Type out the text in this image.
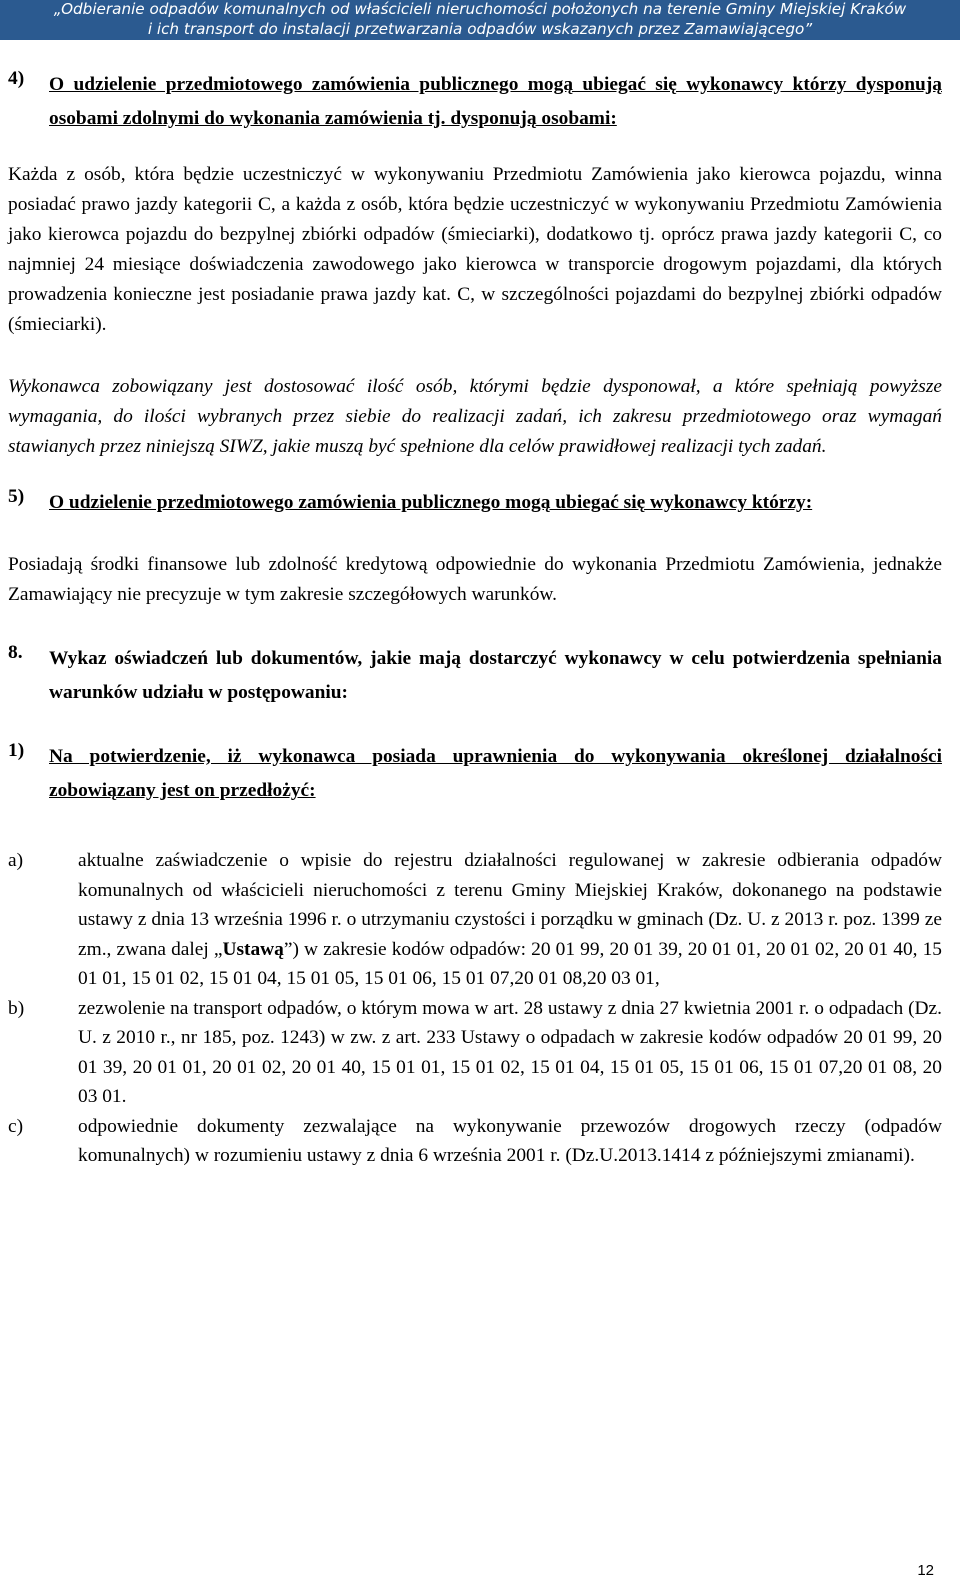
„Odbieranie odpadów komunalnych od właścicieli nieruchomości położonych na terenie Gminy Miejskiej Kraków
i ich transport do instalacji przetwarzania odpadów wskazanych przez Zamawiającego”
4)	O udzielenie przedmiotowego zamówienia publicznego mogą ubiegać się wykonawcy którzy dysponują osobami zdolnymi do wykonania zamówienia tj. dysponują osobami:

Każda z osób, która będzie uczestniczyć w wykonywaniu Przedmiotu Zamówienia jako kierowca pojazdu, winna posiadać prawo jazdy kategorii C, a każda z osób, która będzie uczestniczyć w wykonywaniu Przedmiotu Zamówienia jako kierowca pojazdu do bezpylnej zbiórki odpadów (śmieciarki), dodatkowo tj. oprócz prawa jazdy kategorii C, co najmniej 24 miesiące doświadczenia zawodowego jako kierowca w transporcie drogowym pojazdami, dla których prowadzenia konieczne jest posiadanie prawa jazdy kat. C, w szczególności pojazdami do bezpylnej zbiórki odpadów (śmieciarki).

Wykonawca zobowiązany jest dostosować ilość osób, którymi będzie dysponował, a które spełniają powyższe wymagania, do ilości wybranych przez siebie do realizacji zadań, ich zakresu przedmiotowego oraz wymagań stawianych przez niniejszą SIWZ, jakie muszą być spełnione dla celów prawidłowej realizacji tych zadań.

5)	O udzielenie przedmiotowego zamówienia publicznego mogą ubiegać się wykonawcy którzy:

Posiadają środki finansowe lub zdolność kredytową odpowiednie do wykonania Przedmiotu Zamówienia, jednakże Zamawiający nie precyzuje w tym zakresie szczegółowych warunków.

8.	Wykaz oświadczeń lub dokumentów, jakie mają dostarczyć wykonawcy w celu potwierdzenia spełniania warunków udziału w postępowaniu:
1)	Na potwierdzenie, iż wykonawca posiada uprawnienia do wykonywania określonej działalności zobowiązany jest on przedłożyć:
a)	aktualne zaświadczenie o wpisie do rejestru działalności regulowanej w zakresie odbierania odpadów komunalnych od właścicieli nieruchomości z terenu Gminy Miejskiej Kraków, dokonanego na podstawie ustawy z dnia 13 września 1996 r. o utrzymaniu czystości i porządku w gminach (Dz. U. z 2013 r. poz. 1399 ze zm., zwana dalej „Ustawą”) w zakresie kodów odpadów: 20 01 99, 20 01 39, 20 01 01, 20 01 02, 20 01 40, 15 01 01, 15 01 02, 15 01 04, 15 01 05, 15 01 06, 15 01 07,20 01 08,20 03 01,
b)	zezwolenie na transport odpadów, o którym mowa w art. 28 ustawy z dnia 27 kwietnia 2001 r. o odpadach (Dz. U. z 2010 r., nr 185, poz. 1243) w zw. z art. 233 Ustawy o odpadach w zakresie kodów odpadów 20 01 99, 20 01 39, 20 01 01, 20 01 02, 20 01 40, 15 01 01, 15 01 02, 15 01 04, 15 01 05, 15 01 06, 15 01 07,20 01 08, 20 03 01.
c)	odpowiednie dokumenty zezwalające na wykonywanie przewozów drogowych rzeczy (odpadów komunalnych) w rozumieniu ustawy z dnia 6 września 2001 r. (Dz.U.2013.1414 z późniejszymi zmianami).
12
